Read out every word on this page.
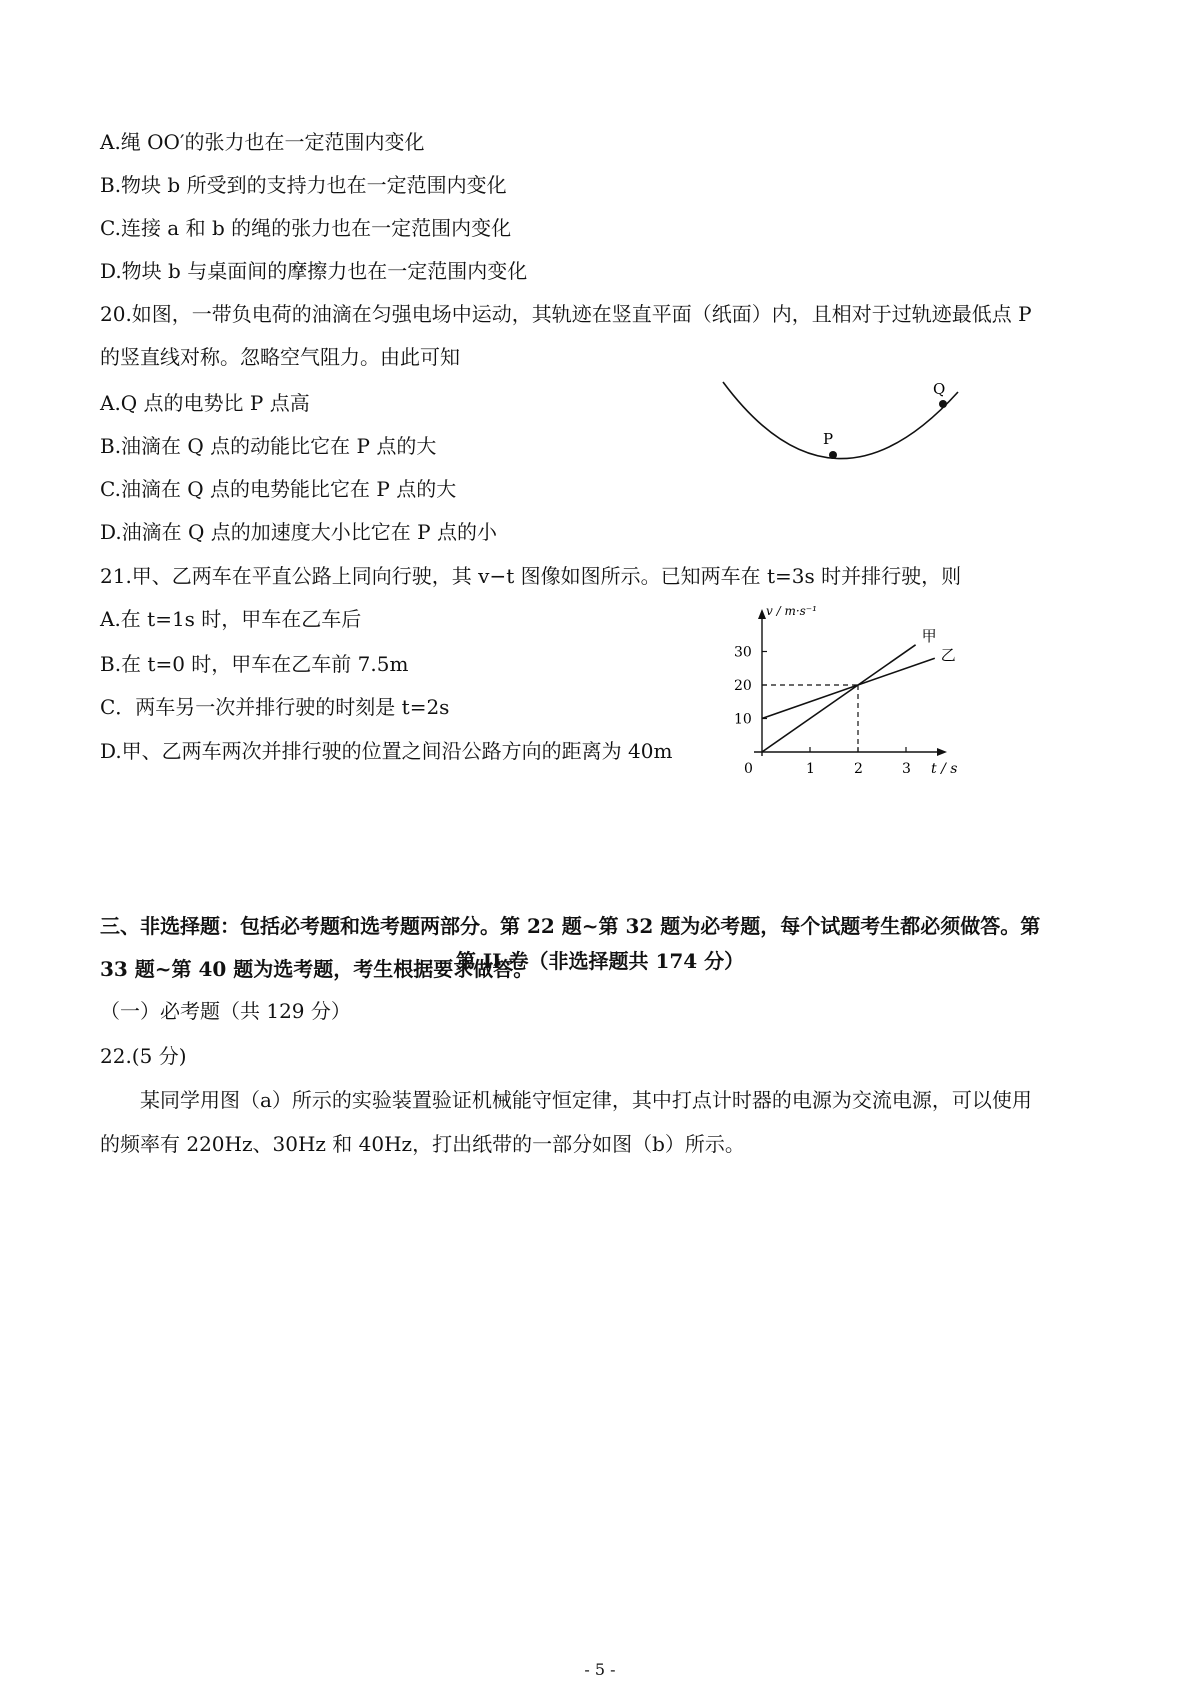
A.绳 OO′的张力也在一定范围内变化
B.物块 b 所受到的支持力也在一定范围内变化
C.连接 a 和 b 的绳的张力也在一定范围内变化
D.物块 b 与桌面间的摩擦力也在一定范围内变化
20.如图，一带负电荷的油滴在匀强电场中运动，其轨迹在竖直平面（纸面）内，且相对于过轨迹最低点 P
的竖直线对称。忽略空气阻力。由此可知
A.Q 点的电势比 P 点高
B.油滴在 Q 点的动能比它在 P 点的大
C.油滴在 Q 点的电势能比它在 P 点的大
D.油滴在 Q 点的加速度大小比它在 P 点的小
P
Q
21.甲、乙两车在平直公路上同向行驶，其 v−t 图像如图所示。已知两车在 t=3s 时并排行驶，则
A.在 t=1s 时，甲车在乙车后
B.在 t=0 时，甲车在乙车前 7.5m
C．两车另一次并排行驶的时刻是 t=2s
D.甲、乙两车两次并排行驶的位置之间沿公路方向的距离为 40m
1	2	3
10
20
30
0
v / m·s⁻¹
t / s
甲
乙
第 II 卷（非选择题共 174 分）
三、非选择题：包括必考题和选考题两部分。第 22 题~第 32 题为必考题，每个试题考生都必须做答。第
33 题~第 40 题为选考题，考生根据要求做答。
（一）必考题（共 129 分）
22.(5 分)
某同学用图（a）所示的实验装置验证机械能守恒定律，其中打点计时器的电源为交流电源，可以使用
的频率有 220Hz、30Hz 和 40Hz，打出纸带的一部分如图（b）所示。
- 5 -
